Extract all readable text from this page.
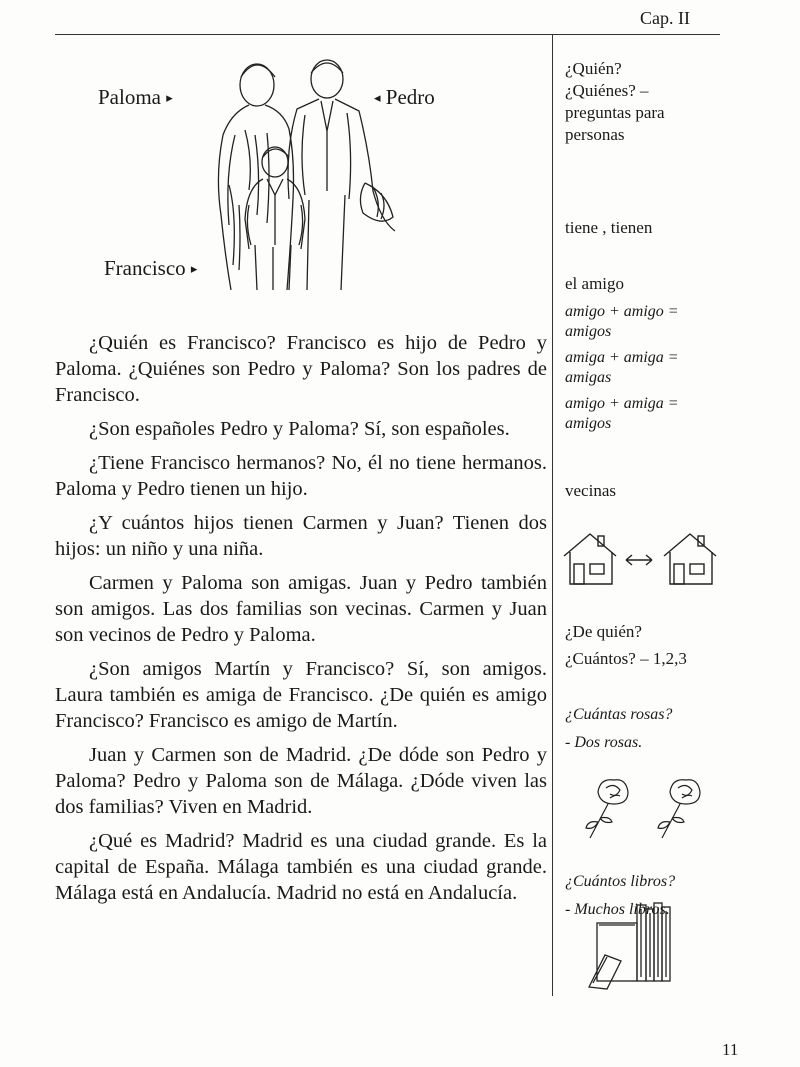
Cap. II
Paloma ▸	◂ Pedro
Francisco ▸

¿Quién es Francisco? Francisco es hijo de Pedro y Paloma. ¿Quiénes son Pedro y Paloma? Son los padres de Francisco.

¿Son españoles Pedro y Paloma? Sí, son españoles.

¿Tiene Francisco hermanos? No, él no tiene hermanos. Paloma y Pedro tienen un hijo.

¿Y cuántos hijos tienen Carmen y Juan? Tienen dos hijos: un niño y una niña.

Carmen y Paloma son amigas. Juan y Pedro también son amigos. Las dos familias son vecinas. Carmen y Juan son vecinos de Pedro y Paloma.

¿Son amigos Martín y Francisco? Sí, son amigos. Laura también es amiga de Francisco. ¿De quién es amigo Francisco? Francisco es amigo de Martín.

Juan y Carmen son de Madrid. ¿De dóde son Pedro y Paloma? Pedro y Paloma son de Málaga. ¿Dóde viven las dos familias? Viven en Madrid.

¿Qué es Madrid? Madrid es una ciudad grande. Es la capital de España. Málaga también es una ciudad grande. Málaga está en Andalucía. Madrid no está en Andalucía.

¿Quién?
¿Quiénes? –
preguntas para
personas
tiene , tienen
el amigo
amigo + amigo =
amigos
amiga + amiga =
amigas
amigo + amiga =
amigos
vecinas
¿De quién?
¿Cuántos? – 1,2,3
¿Cuántas rosas?
- Dos rosas.
¿Cuántos libros?
- Muchos libros.
11
